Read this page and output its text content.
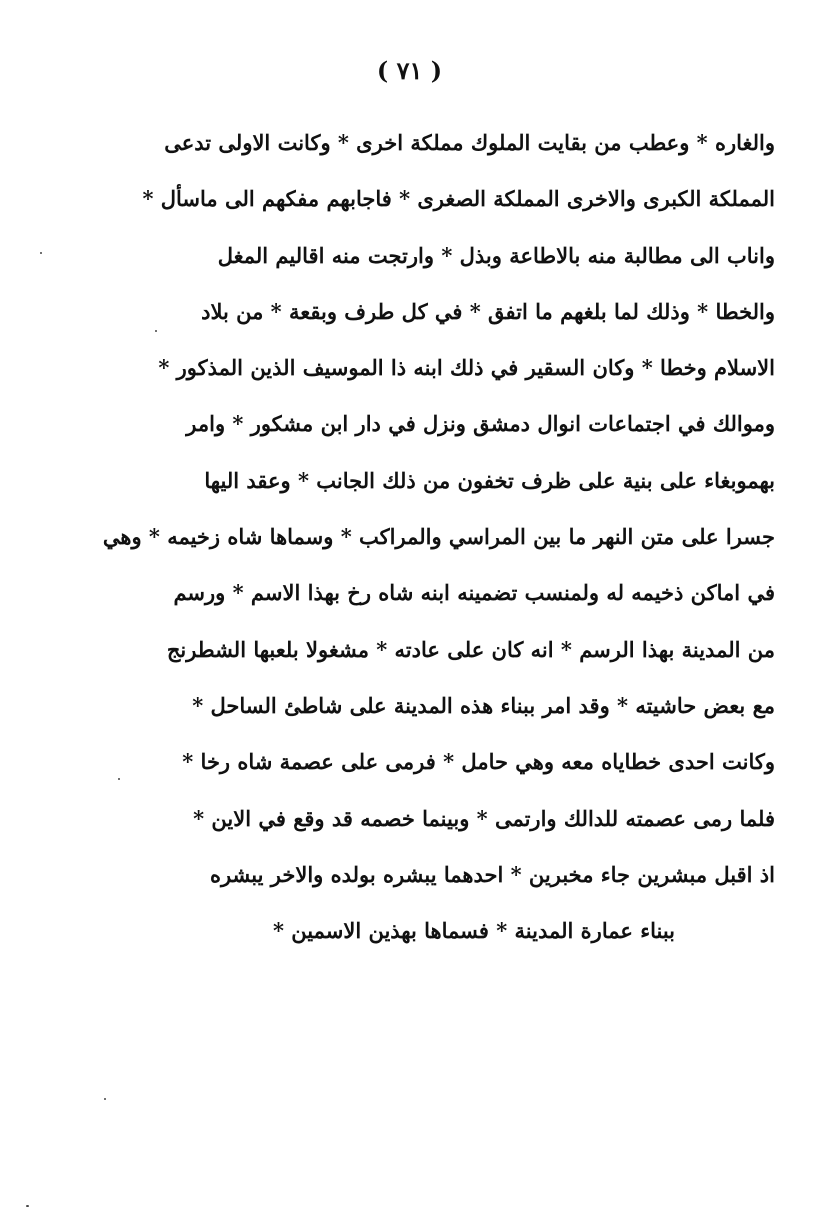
( ٧١ )
والغاره * وعطب من بقايت الملوك مملكة اخرى * وكانت الاولى تدعى
المملكة الكبرى والاخرى المملكة الصغرى * فاجابهم مفكهم الى ماسأل *
واناب الى مطالبة منه بالاطاعة وبذل * وارتجت منه اقاليم المغل
والخطا * وذلك لما بلغهم ما اتفق * في كل طرف وبقعة * من بلاد
الاسلام وخطا * وكان السقير في ذلك ابنه ذا الموسيف الذين المذكور *
وموالك في اجتماعات انوال دمشق ونزل في دار ابن مشكور * وامر
بهموبغاء على بنية على ظرف تخفون من ذلك الجانب * وعقد اليها
جسرا على متن النهر ما بين المراسي والمراكب * وسماها شاه زخيمه * وهي
في اماكن ذخيمه له ولمنسب تضمينه ابنه شاه رخ بهذا الاسم * ورسم
من المدينة بهذا الرسم * انه كان على عادته * مشغولا بلعبها الشطرنج
مع بعض حاشيته * وقد امر ببناء هذه المدينة على شاطئ الساحل *
وكانت احدى خطاياه معه وهي حامل * فرمى على عصمة شاه رخا *
فلما رمى عصمته للدالك وارتمى * وبينما خصمه قد وقع في الاين *
اذ اقبل مبشرين جاء مخبرين * احدهما يبشره بولده والاخر يبشره
ببناء عمارة المدينة * فسماها بهذين الاسمين *
